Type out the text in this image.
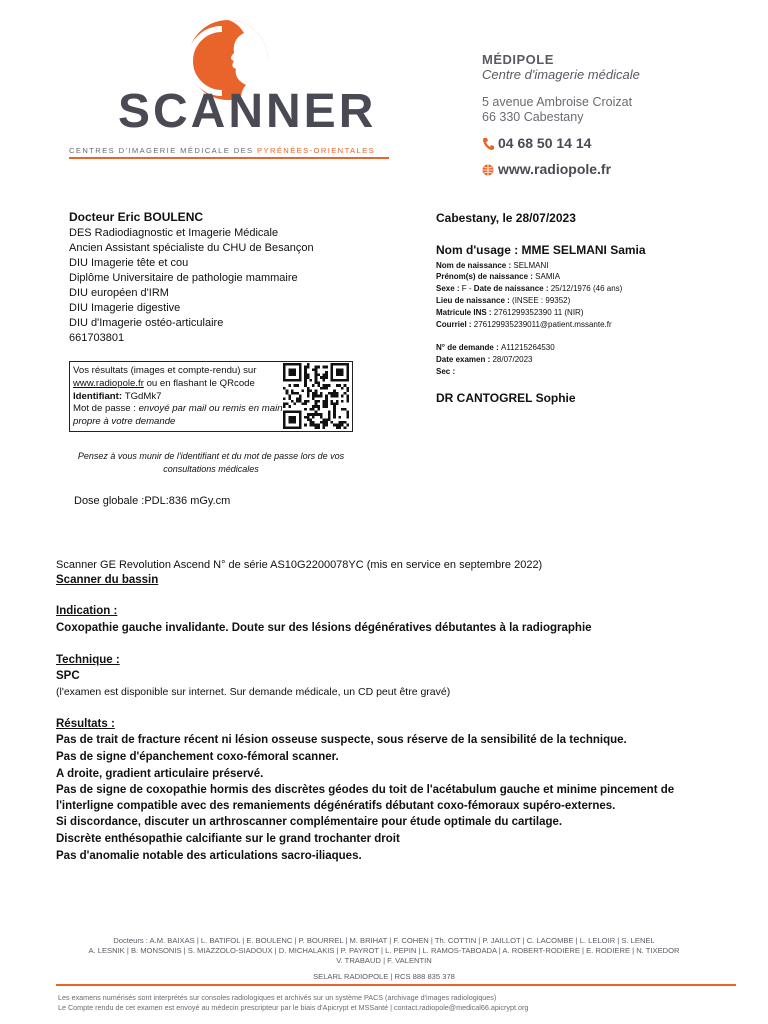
SCANNER
CENTRES D'IMAGERIE MÉDICALE DES PYRÉNÉES-ORIENTALES
MÉDIPOLE
Centre d'imagerie médicale
5 avenue Ambroise Croizat
66 330 Cabestany
04 68 50 14 14
www.radiopole.fr
Docteur Eric BOULENC
DES Radiodiagnostic et Imagerie Médicale
Ancien Assistant spécialiste du CHU de Besançon
DIU Imagerie tête et cou
Diplôme Universitaire de pathologie mammaire
DIU européen d'IRM
DIU Imagerie digestive
DIU d'Imagerie ostéo-articulaire
661703801
Vos résultats (images et compte-rendu) sur
www.radiopole.fr ou en flashant le QRcode
Identifiant: TGdMk7
Mot de passe : envoyé par mail ou remis en main propre à votre demande
Pensez à vous munir de l'identifiant et du mot de passe lors de vos consultations médicales
Dose globale :PDL:836 mGy.cm
Cabestany, le 28/07/2023
Nom d'usage : MME SELMANI Samia
Nom de naissance : SELMANI
Prénom(s) de naissance : SAMIA
Sexe : F - Date de naissance : 25/12/1976 (46 ans)
Lieu de naissance : (INSEE : 99352)
Matricule INS : 2761299352390 11 (NIR)
Courriel : 276129935239011@patient.mssante.fr
N° de demande : A11215264530
Date examen : 28/07/2023
Sec :
DR CANTOGREL Sophie
Scanner GE Revolution Ascend N° de série AS10G2200078YC (mis en service en septembre 2022)
Scanner du bassin
Indication :
Coxopathie gauche invalidante. Doute sur des lésions dégénératives débutantes à la radiographie
Technique :
SPC
(l'examen est disponible sur internet. Sur demande médicale, un CD peut être gravé)
Résultats :
Pas de trait de fracture récent ni lésion osseuse suspecte, sous réserve de la sensibilité de la technique.
Pas de signe d'épanchement coxo-fémoral scanner.
A droite, gradient articulaire préservé.
Pas de signe de coxopathie hormis des discrètes géodes du toit de l'acétabulum gauche et minime pincement de
l'interligne compatible avec des remaniements dégénératifs débutant coxo-fémoraux supéro-externes.
Si discordance, discuter un arthroscanner complémentaire pour étude optimale du cartilage.
Discrète enthésopathie calcifiante sur le grand trochanter droit
Pas d'anomalie notable des articulations sacro-iliaques.
Docteurs : A.M. BAIXAS | L. BATIFOL | E. BOULENC | P. BOURREL | M. BRIHAT | F. COHEN | Th. COTTIN | P. JAILLOT | C. LACOMBE | L. LELOIR | S. LENEL
A. LESNIK | B. MONSONIS | S. MIAZZOLO-SIADOUX | D. MICHALAKIS | P. PAYROT | L. PEPIN | L. RAMOS-TABOADA | A. ROBERT-RODIERE | E. RODIERE | N. TIXEDOR
V. TRABAUD | F. VALENTIN
SELARL RADIOPOLE | RCS 888 835 378
Les examens numérisés sont interprétés sur consoles radiologiques et archivés sur un système PACS (archivage d'images radiologiques)
Le Compte rendu de cet examen est envoyé au médecin prescripteur par le biais d'Apicrypt et MSSanté | contact.radiopole@medical66.apicrypt.org
